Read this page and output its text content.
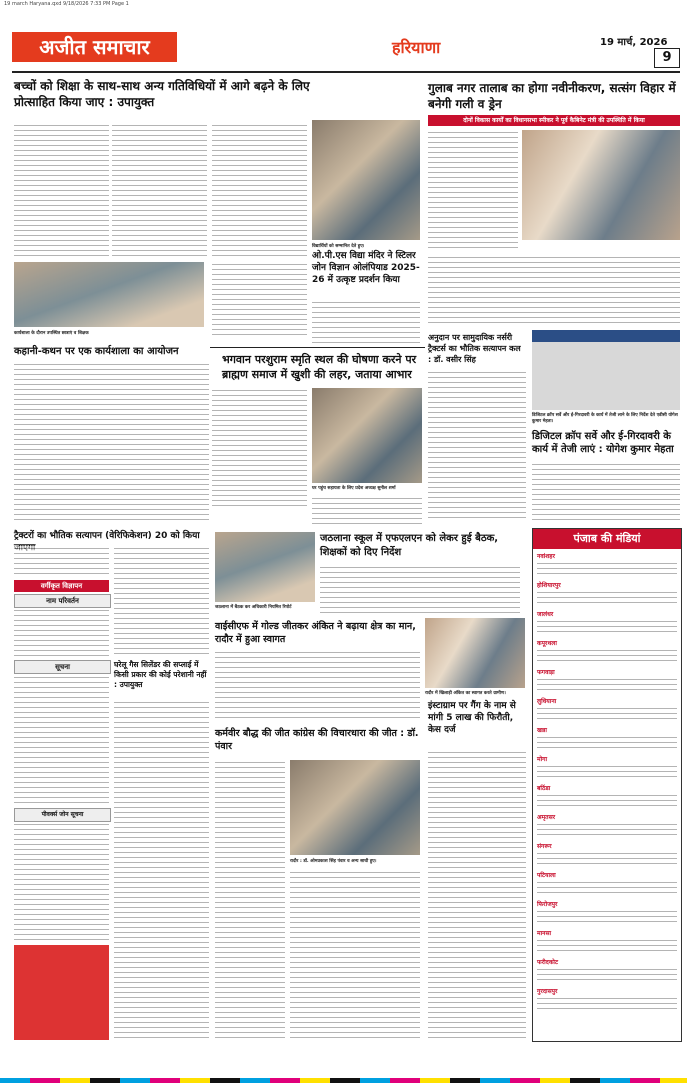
19 march Haryana.qxd 9/18/2026 7:33 PM Page 1
अजीत समाचार	हरियाणा	19 मार्च, 2026
9
बच्चों को शिक्षा के साथ-साथ अन्य गतिविधियों में आगे बढ़ने के लिए प्रोत्साहित किया जाए : उपायुक्त
कार्यशाला के दौरान उपस्थित छात्राएं व शिक्षक
विद्यार्थियों को सम्मानित देते हुए।
ओ.पी.एस विद्या मंदिर ने स्टिलर जोन विज्ञान ओलंपियाड 2025-26 में उत्कृष्ट प्रदर्शन किया
गुलाब नगर तालाब का होगा नवीनीकरण, सत्संग विहार में बनेगी गली व ड्रेन
दोनों विकास कार्यों का विधानसभा स्पीकर ने पूर्व कैबिनेट मंत्री की उपस्थिति में किया
भगवान परशुराम स्मृति स्थल की घोषणा करने पर ब्राह्मण समाज में खुशी की लहर, जताया आभार
घर पहुंच सहायता के लिए प्रदेश अध्यक्ष सुनील शर्मा
कहानी-कथन पर एक कार्यशाला का आयोजन
अनुदान पर सामुदायिक नर्सरी ट्रैक्टर्स का भौतिक सत्यापन कल : डॉ. वसीर सिंह
डिजिटल क्रॉप सर्वे और ई-गिरदावरी के कार्य में तेजी लाने के लिए निर्देश देते एडीसी योगेश कुमार मेहता।
डिजिटल क्रॉप सर्वे और ई-गिरदावरी के कार्य में तेजी लाएं : योगेश कुमार मेहता
ट्रैक्टरों का भौतिक सत्यापन (वेरिफिकेशन) 20 को किया
वर्गीकृत विज्ञापन
नाम परिवर्तन
सूचना
पीवर्क्स जोन सूचना
घरेलू गैस सिलेंडर की सप्लाई में किसी प्रकार की कोई परेशानी नहीं : उपायुक्त
जठलाना स्कूल में एफएलएन को लेकर हुई बैठक, शिक्षकों को दिए निर्देश
जठलाना में बैठक कर अधिकारी नियमित रिपोर्ट
वाईसीएफ में गोल्ड जीतकर अंकित ने बढ़ाया क्षेत्र का मान, रादौर में हुआ स्वागत
रादौर में खिलाड़ी अंकित का स्वागत करते ग्रामीण।
इंस्टाग्राम पर गैंग के नाम से मांगी 5 लाख की फिरौती, केस दर्ज
कर्मवीर बौद्ध की जीत कांग्रेस की विचारधारा की जीत : डॉ. पंवार
रादौर : डॉ. ओमप्रकाश सिंह पंवार व अन्य साथी हुए।
पंजाब की मंडियां
नवांशहर
होशियारपुर
जालंधर
कपूरथला
फगवाड़ा
लुधियाना
खन्ना
मोगा
बठिंडा
अमृतसर
संगरूर
पटियाला
फिरोजपुर
मानसा
फरीदकोट
गुरदासपुर
